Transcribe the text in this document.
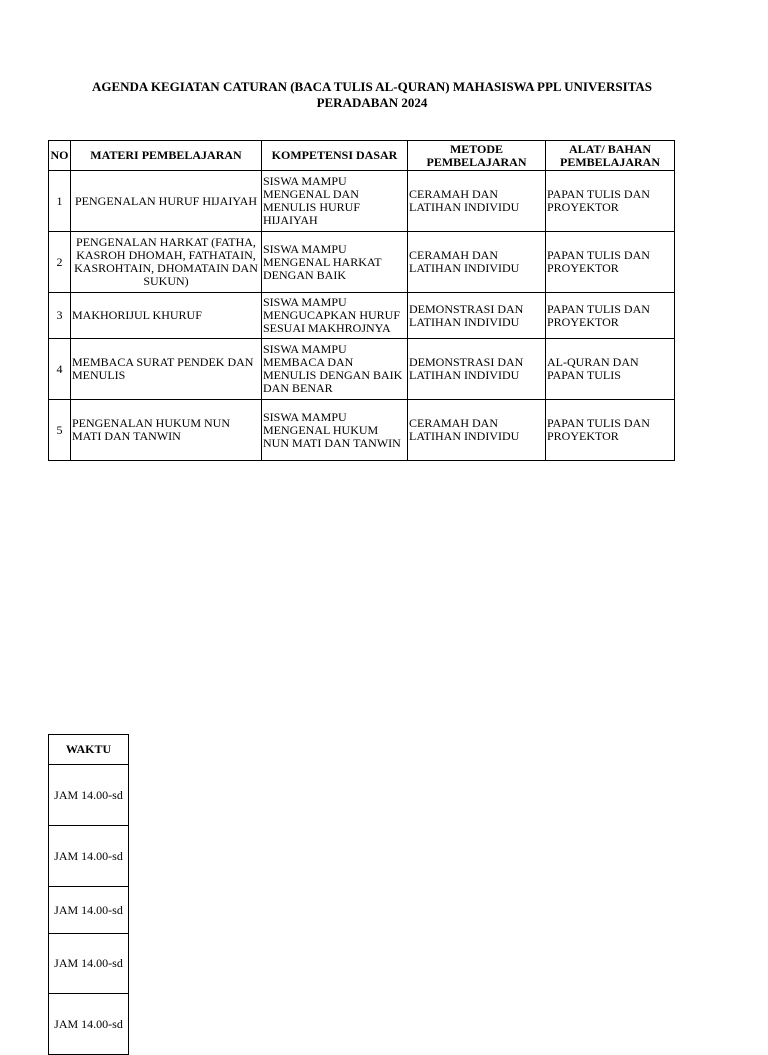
AGENDA KEGIATAN CATURAN (BACA TULIS AL-QURAN) MAHASISWA PPL UNIVERSITAS PERADABAN 2024
NO	MATERI PEMBELAJARAN	KOMPETENSI DASAR	METODE PEMBELAJARAN	ALAT/ BAHAN PEMBELAJARAN
1	PENGENALAN HURUF HIJAIYAH	SISWA MAMPU MENGENAL DAN MENULIS HURUF HIJAIYAH	CERAMAH DAN LATIHAN INDIVIDU	PAPAN TULIS DAN PROYEKTOR
2	PENGENALAN HARKAT (FATHA, KASROH DHOMAH, FATHATAIN, KASROHTAIN, DHOMATAIN DAN SUKUN)	SISWA MAMPU MENGENAL HARKAT DENGAN BAIK	CERAMAH DAN LATIHAN INDIVIDU	PAPAN TULIS DAN PROYEKTOR
3	MAKHORIJUL KHURUF	SISWA MAMPU MENGUCAPKAN HURUF SESUAI MAKHROJNYA	DEMONSTRASI DAN LATIHAN INDIVIDU	PAPAN TULIS DAN PROYEKTOR
4	MEMBACA SURAT PENDEK DAN MENULIS	SISWA MAMPU MEMBACA DAN MENULIS DENGAN BAIK DAN BENAR	DEMONSTRASI DAN LATIHAN INDIVIDU	AL-QURAN DAN PAPAN TULIS
5	PENGENALAN HUKUM NUN MATI DAN TANWIN	SISWA MAMPU MENGENAL HUKUM NUN MATI DAN TANWIN	CERAMAH DAN LATIHAN INDIVIDU	PAPAN TULIS DAN PROYEKTOR
WAKTU
JAM 14.00-sd
JAM 14.00-sd
JAM 14.00-sd
JAM 14.00-sd
JAM 14.00-sd
